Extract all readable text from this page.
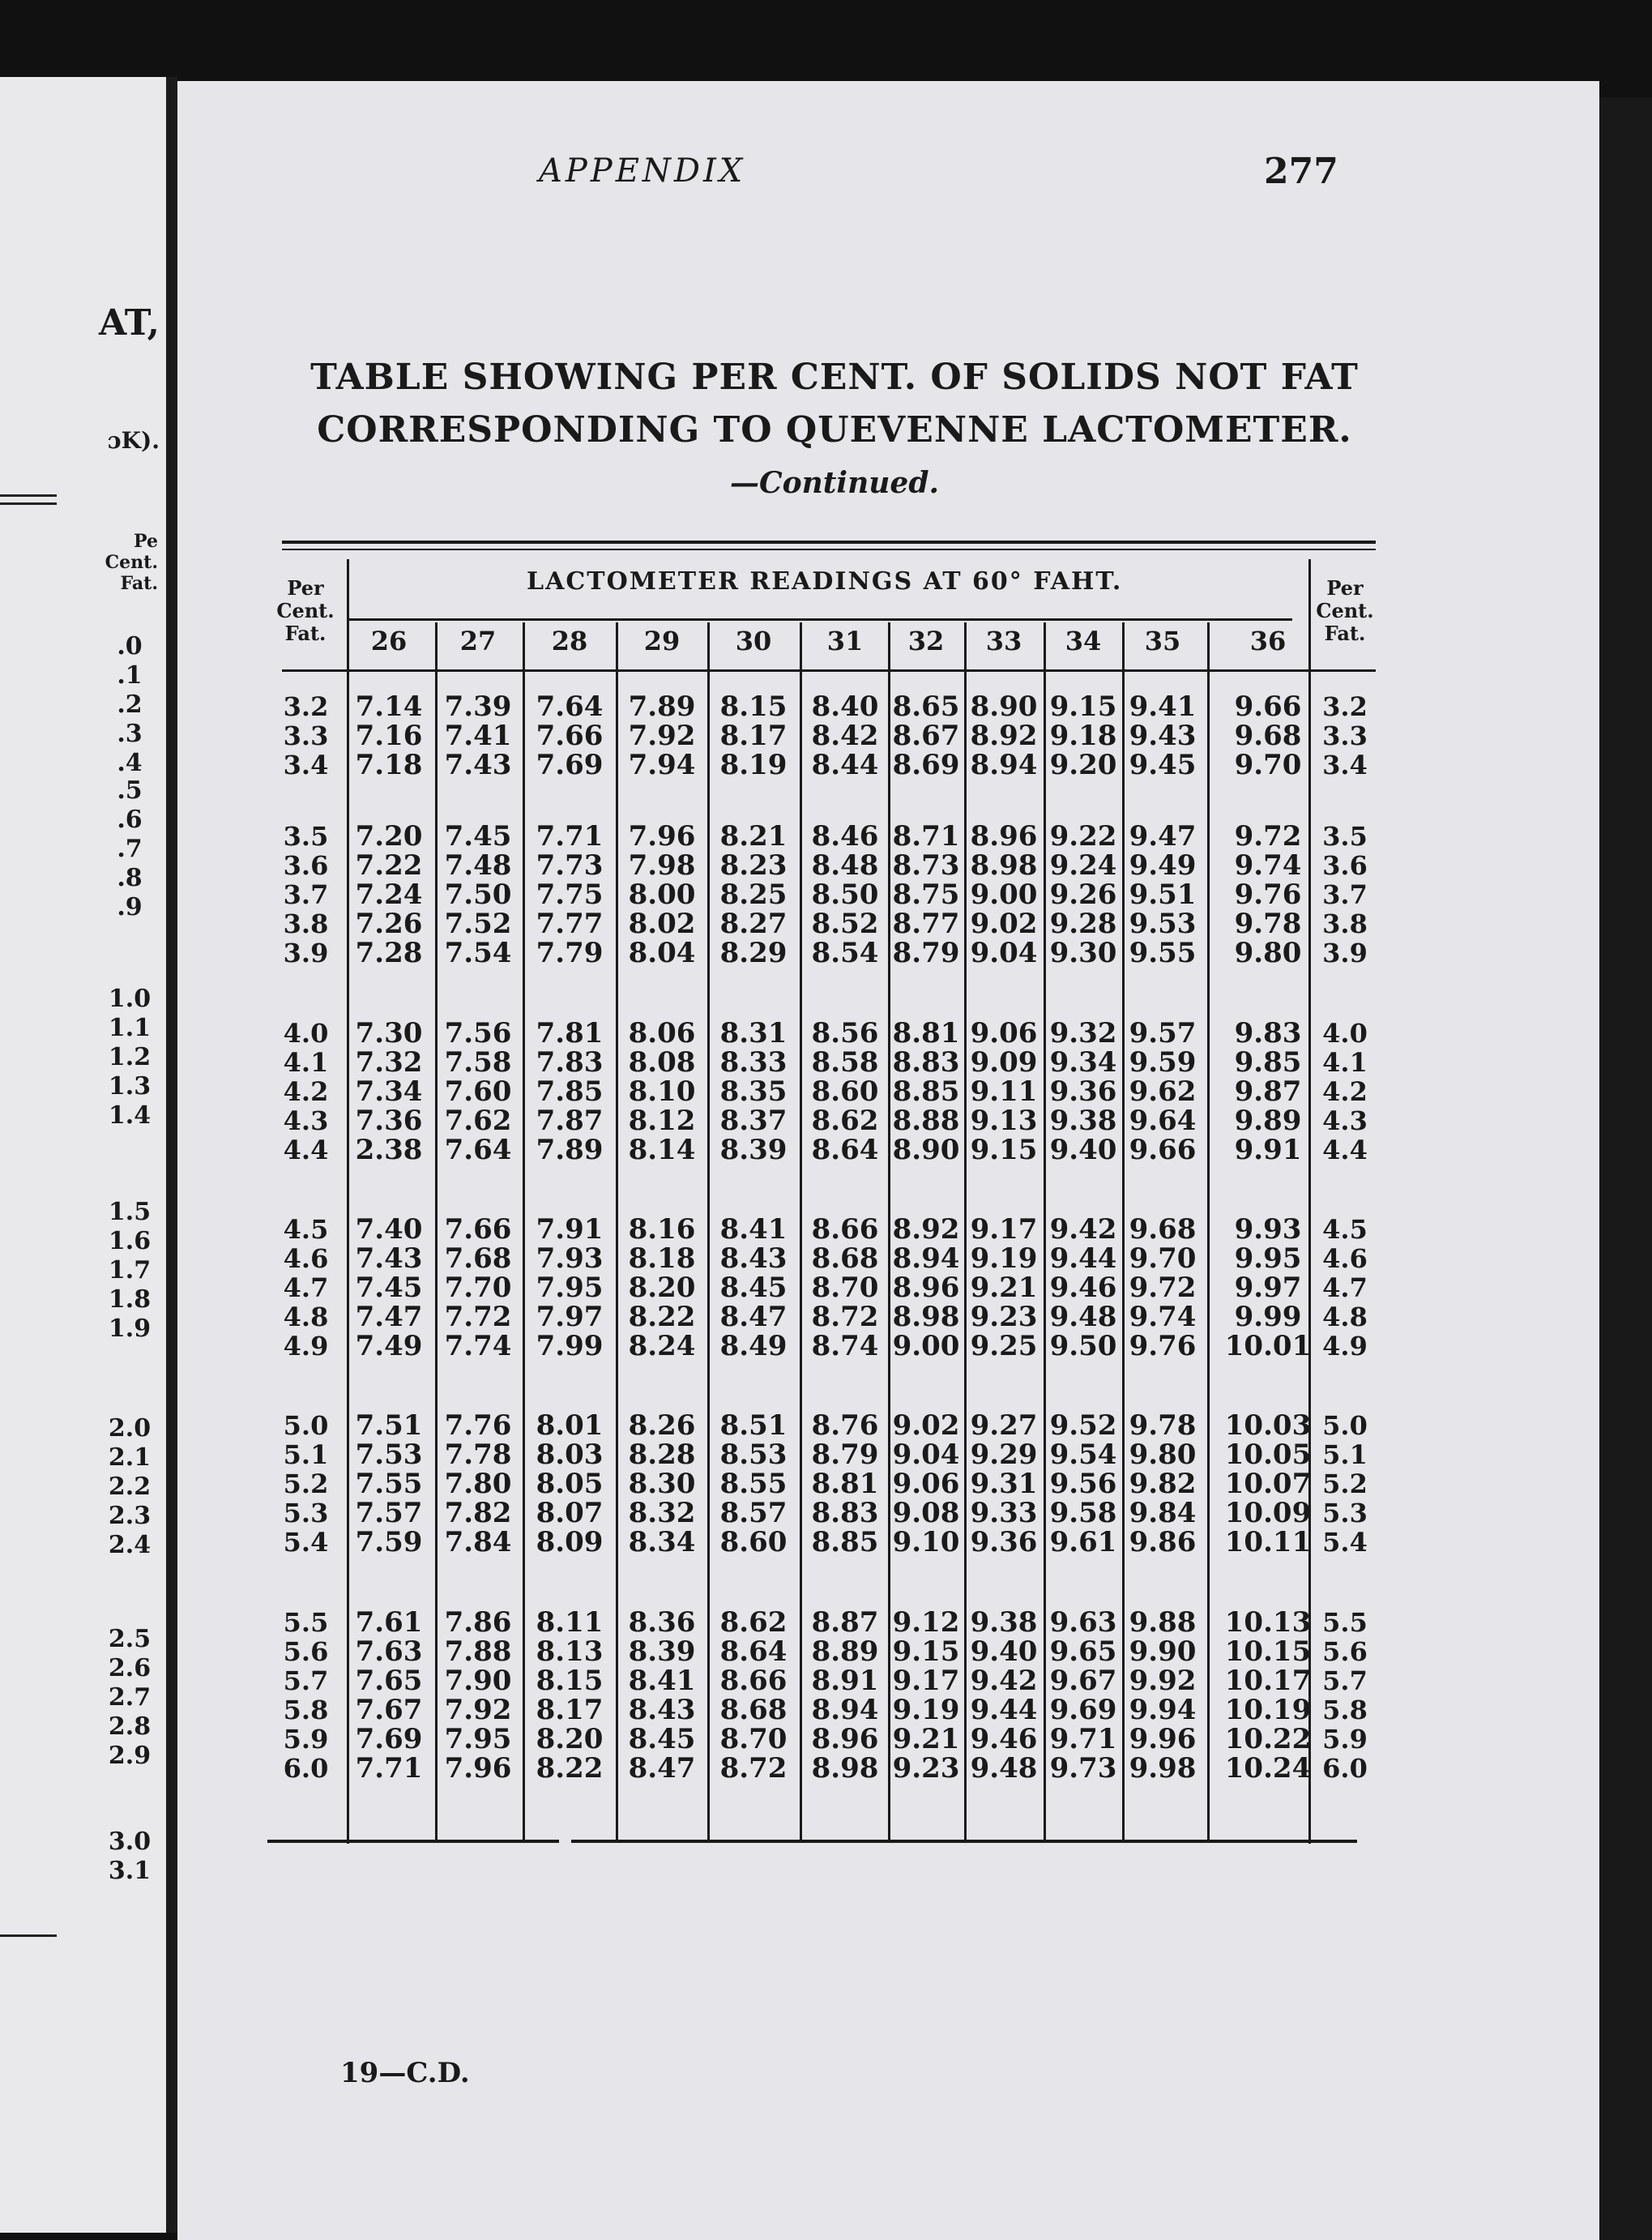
AT,
ɔK).
Pe
Cent.
Fat.
.0
.1
.2
.3
.4
.5
.6
.7
.8
.9
1.0
1.1
1.2
1.3
1.4
1.5
1.6
1.7
1.8
1.9
2.0
2.1
2.2
2.3
2.4
2.5
2.6
2.7
2.8
2.9
3.0
3.1
APPENDIX	277
TABLE SHOWING PER CENT. OF SOLIDS NOT FAT
CORRESPONDING TO QUEVENNE LACTOMETER.
—Continued.
Per
Cent.
Fat.
LACTOMETER READINGS AT 60° FAHT.	Per
Cent.
Fat.
26	27	28	29	30	31	32	33	34	35	36
3.2 7.14 7.39 7.64 7.89 8.15 8.40 8.65 8.90 9.15 9.41	9.66 3.2
3.3 7.16 7.41 7.66 7.92 8.17 8.42 8.67 8.92 9.18 9.43	9.68 3.3
3.4 7.18 7.43 7.69 7.94 8.19 8.44 8.69 8.94 9.20 9.45	9.70 3.4
3.5 7.20 7.45 7.71 7.96 8.21 8.46 8.71 8.96 9.22 9.47	9.72 3.5
3.6 7.22 7.48 7.73 7.98 8.23 8.48 8.73 8.98 9.24 9.49	9.74 3.6
3.7 7.24 7.50 7.75 8.00 8.25 8.50 8.75 9.00 9.26 9.51	9.76 3.7
3.8 7.26 7.52 7.77 8.02 8.27 8.52 8.77 9.02 9.28 9.53	9.78 3.8
3.9 7.28 7.54 7.79 8.04 8.29 8.54 8.79 9.04 9.30 9.55	9.80 3.9
4.0 7.30 7.56 7.81 8.06 8.31 8.56 8.81 9.06 9.32 9.57	9.83 4.0
4.1 7.32 7.58 7.83 8.08 8.33 8.58 8.83 9.09 9.34 9.59	9.85 4.1
4.2 7.34 7.60 7.85 8.10 8.35 8.60 8.85 9.11 9.36 9.62	9.87 4.2
4.3 7.36 7.62 7.87 8.12 8.37 8.62 8.88 9.13 9.38 9.64	9.89 4.3
4.4 2.38 7.64 7.89 8.14 8.39 8.64 8.90 9.15 9.40 9.66	9.91 4.4
4.5 7.40 7.66 7.91 8.16 8.41 8.66 8.92 9.17 9.42 9.68	9.93 4.5
4.6 7.43 7.68 7.93 8.18 8.43 8.68 8.94 9.19 9.44 9.70	9.95 4.6
4.7 7.45 7.70 7.95 8.20 8.45 8.70 8.96 9.21 9.46 9.72	9.97 4.7
4.8 7.47 7.72 7.97 8.22 8.47 8.72 8.98 9.23 9.48 9.74	9.99 4.8
4.9 7.49 7.74 7.99 8.24 8.49 8.74 9.00 9.25 9.50 9.76	10.01 4.9
5.0 7.51 7.76 8.01 8.26 8.51 8.76 9.02 9.27 9.52 9.78	10.03 5.0
5.1 7.53 7.78 8.03 8.28 8.53 8.79 9.04 9.29 9.54 9.80	10.05 5.1
5.2 7.55 7.80 8.05 8.30 8.55 8.81 9.06 9.31 9.56 9.82	10.07 5.2
5.3 7.57 7.82 8.07 8.32 8.57 8.83 9.08 9.33 9.58 9.84	10.09 5.3
5.4 7.59 7.84 8.09 8.34 8.60 8.85 9.10 9.36 9.61 9.86	10.11 5.4
5.5 7.61 7.86 8.11 8.36 8.62 8.87 9.12 9.38 9.63 9.88	10.13 5.5
5.6 7.63 7.88 8.13 8.39 8.64 8.89 9.15 9.40 9.65 9.90	10.15 5.6
5.7 7.65 7.90 8.15 8.41 8.66 8.91 9.17 9.42 9.67 9.92	10.17 5.7
5.8 7.67 7.92 8.17 8.43 8.68 8.94 9.19 9.44 9.69 9.94	10.19 5.8
5.9 7.69 7.95 8.20 8.45 8.70 8.96 9.21 9.46 9.71 9.96	10.22 5.9
6.0 7.71 7.96 8.22 8.47 8.72 8.98 9.23 9.48 9.73 9.98	10.24 6.0
19—C.D.
